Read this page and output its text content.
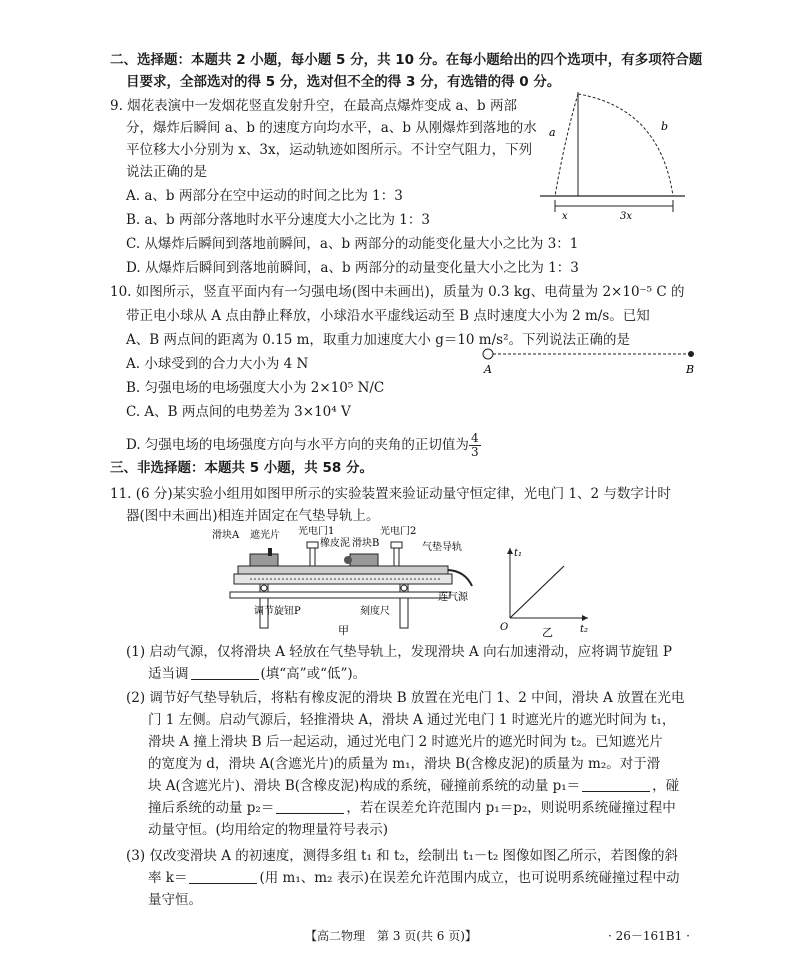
二、选择题：本题共 2 小题，每小题 5 分，共 10 分。在每小题给出的四个选项中，有多项符合题
目要求，全部选对的得 5 分，选对但不全的得 3 分，有选错的得 0 分。
9. 烟花表演中一发烟花竖直发射升空，在最高点爆炸变成 a、b 两部
分，爆炸后瞬间 a、b 的速度方向均水平，a、b 从刚爆炸到落地的水
平位移大小分别为 x、3x，运动轨迹如图所示。不计空气阻力，下列
说法正确的是
A. a、b 两部分在空中运动的时间之比为 1：3
B. a、b 两部分落地时水平分速度大小之比为 1：3
C. 从爆炸后瞬间到落地前瞬间，a、b 两部分的动能变化量大小之比为 3：1
D. 从爆炸后瞬间到落地前瞬间，a、b 两部分的动量变化量大小之比为 1：3
a	b
x	3x
10. 如图所示，竖直平面内有一匀强电场(图中未画出)，质量为 0.3 kg、电荷量为 2×10⁻⁵ C 的
带正电小球从 A 点由静止释放，小球沿水平虚线运动至 B 点时速度大小为 2 m/s。已知
A、B 两点间的距离为 0.15 m，取重力加速度大小 g＝10 m/s²。下列说法正确的是
A. 小球受到的合力大小为 4 N
B. 匀强电场的电场强度大小为 2×10⁵ N/C
C. A、B 两点间的电势差为 3×10⁴ V
D. 匀强电场的电场强度方向与水平方向的夹角的正切值为 $\frac{4}{3}$
A	B
三、非选择题：本题共 5 小题，共 58 分。
11. (6 分)某实验小组用如图甲所示的实验装置来验证动量守恒定律，光电门 1、2 与数字计时
器(图中未画出)相连并固定在气垫导轨上。
滑块A 遮光片 光电门1	光电门2
橡皮泥 滑块B	气垫导轨
连气源
调节旋钮P	刻度尺
甲
t₁
t₂
O	乙
(1) 启动气源，仅将滑块 A 轻放在气垫导轨上，发现滑块 A 向右加速滑动，应将调节旋钮 P
适当调	(填“高”或“低”)。
(2) 调节好气垫导轨后，将粘有橡皮泥的滑块 B 放置在光电门 1、2 中间，滑块 A 放置在光电
门 1 左侧。启动气源后，轻推滑块 A，滑块 A 通过光电门 1 时遮光片的遮光时间为 t₁，
滑块 A 撞上滑块 B 后一起运动，通过光电门 2 时遮光片的遮光时间为 t₂。已知遮光片
的宽度为 d，滑块 A(含遮光片)的质量为 m₁，滑块 B(含橡皮泥)的质量为 m₂。对于滑
块 A(含遮光片)、滑块 B(含橡皮泥)构成的系统，碰撞前系统的动量 p₁＝	，碰
撞后系统的动量 p₂＝	，若在误差允许范围内 p₁＝p₂，则说明系统碰撞过程中
动量守恒。(均用给定的物理量符号表示)
(3) 仅改变滑块 A 的初速度，测得多组 t₁ 和 t₂，绘制出 t₁－t₂ 图像如图乙所示，若图像的斜
率 k＝	(用 m₁、m₂ 表示)在误差允许范围内成立，也可说明系统碰撞过程中动
量守恒。
【高二物理　第 3 页(共 6 页)】	· 26－161B1 ·
